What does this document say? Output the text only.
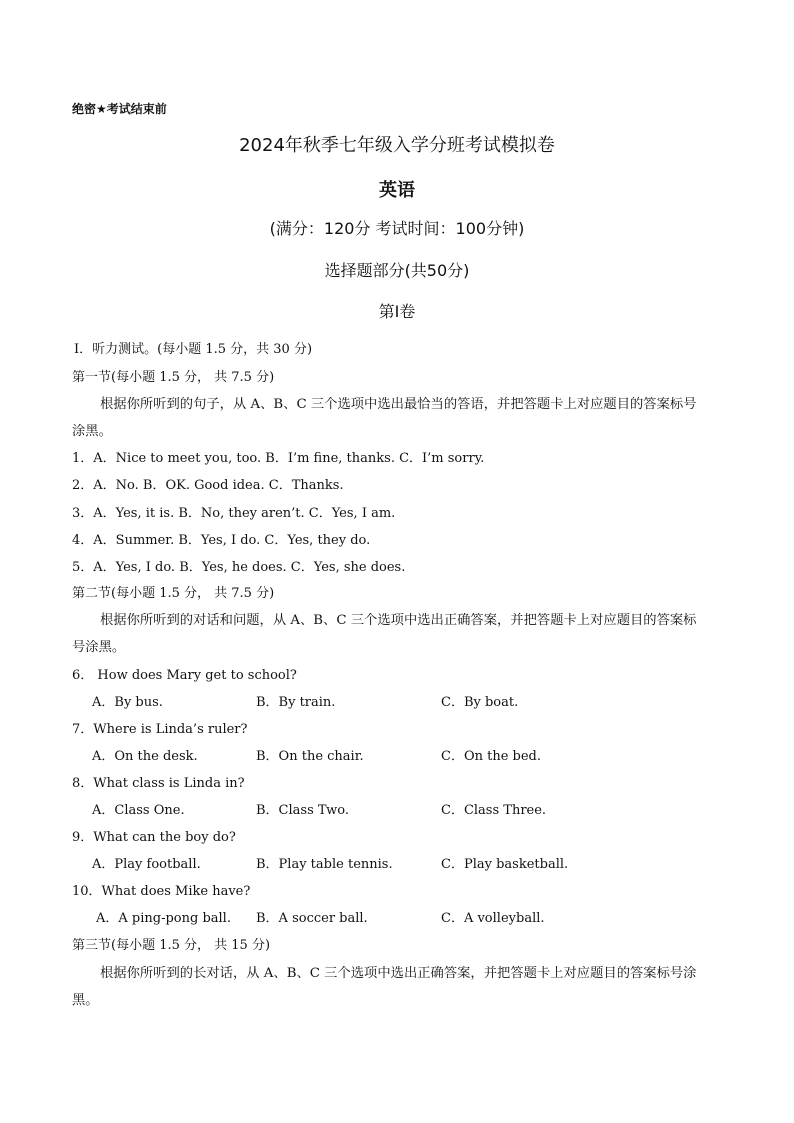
绝密★考试结束前
2024年秋季七年级入学分班考试模拟卷
英语
(满分：120分 考试时间：100分钟)
选择题部分(共50分)
第Ⅰ卷
Ⅰ．听力测试。(每小题 1.5 分，共 30 分)
第一节(每小题 1.5 分， 共 7.5 分)
根据你所听到的句子，从 A、B、C 三个选项中选出最恰当的答语，并把答题卡上对应题目的答案标号
涂黑。
1．A．Nice to meet you, too. B．I’m fine, thanks. C．I’m sorry.
2．A．No. B．OK. Good idea. C．Thanks.
3．A．Yes, it is. B．No, they aren’t. C．Yes, I am.
4．A．Summer. B．Yes, I do. C．Yes, they do.
5．A．Yes, I do. B．Yes, he does. C．Yes, she does.
第二节(每小题 1.5 分， 共 7.5 分)
根据你所听到的对话和问题，从 A、B、C 三个选项中选出正确答案，并把答题卡上对应题目的答案标
号涂黑。
6． How does Mary get to school?
A．By bus.	B．By train.	C．By boat.
7．Where is Linda’s ruler?
A．On the desk.	B．On the chair.	C．On the bed.
8．What class is Linda in?
A．Class One.	B．Class Two.	C．Class Three.
9．What can the boy do?
A．Play football.	B．Play table tennis.	C．Play basketball.
10．What does Mike have?
A．A ping-pong ball. B．A soccer ball.	C．A volleyball.
第三节(每小题 1.5 分， 共 15 分)
根据你所听到的长对话，从 A、B、C 三个选项中选出正确答案，并把答题卡上对应题目的答案标号涂
黑。
